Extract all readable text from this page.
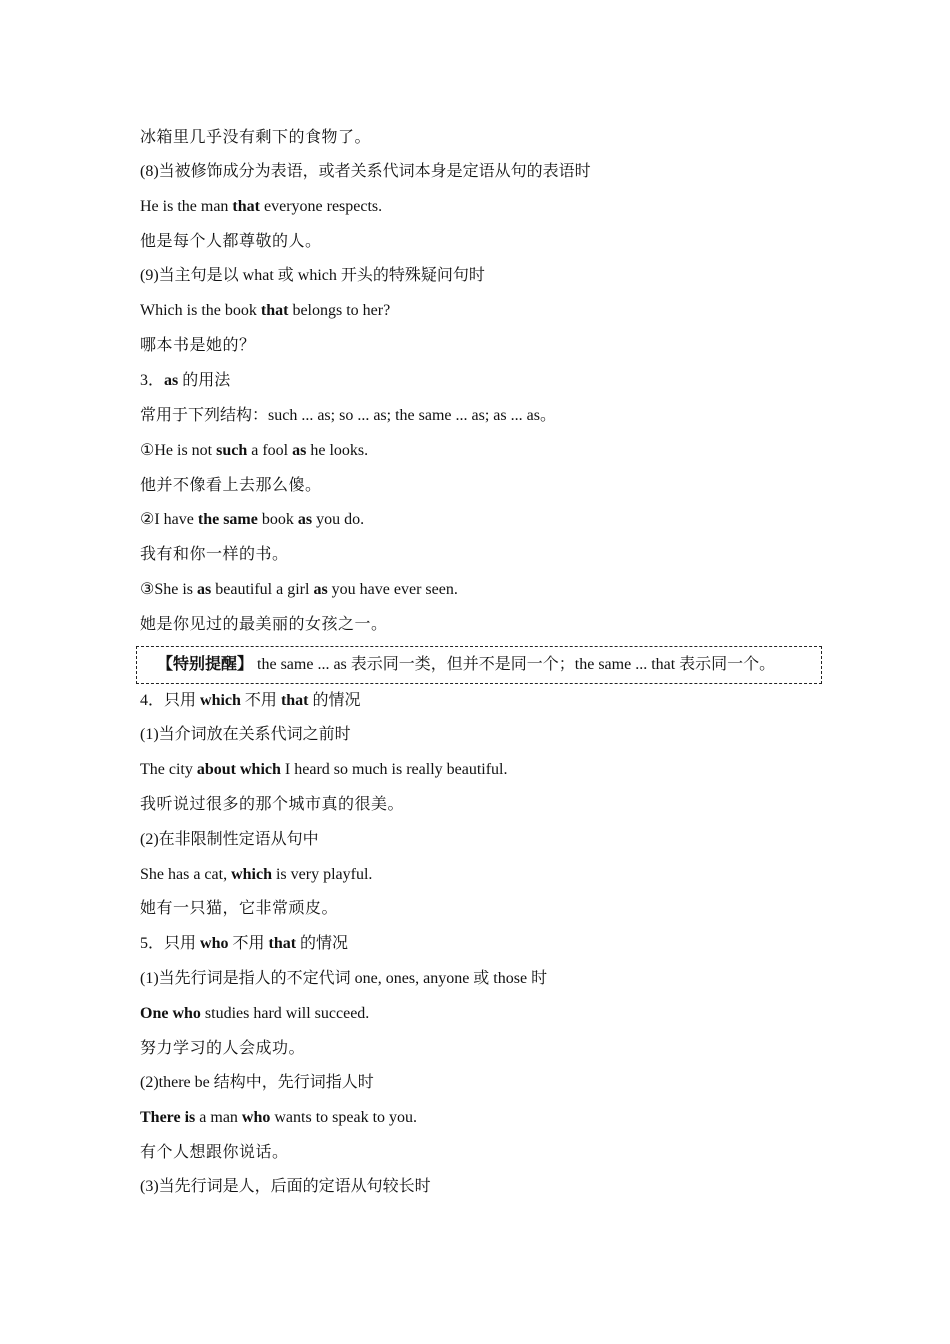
冰箱里几乎没有剩下的食物了。
(8)当被修饰成分为表语，或者关系代词本身是定语从句的表语时
He is the man that everyone respects.
他是每个人都尊敬的人。
(9)当主句是以 what 或 which 开头的特殊疑问句时
Which is the book that belongs to her?
哪本书是她的？
3．as 的用法
常用于下列结构：such ... as; so ... as; the same ... as; as ... as。
①He is not such a fool as he looks.
他并不像看上去那么傻。
②I have the same book as you do.
我有和你一样的书。
③She is as beautiful a girl as you have ever seen.
她是你见过的最美丽的女孩之一。
【特别提醒】 the same ... as 表示同一类，但并不是同一个；the same ... that 表示同一个。
4．只用 which 不用 that 的情况
(1)当介词放在关系代词之前时
The city about which I heard so much is really beautiful.
我听说过很多的那个城市真的很美。
(2)在非限制性定语从句中
She has a cat, which is very playful.
她有一只猫，它非常顽皮。
5．只用 who 不用 that 的情况
(1)当先行词是指人的不定代词 one, ones, anyone 或 those 时
One who studies hard will succeed.
努力学习的人会成功。
(2)there be 结构中，先行词指人时
There is a man who wants to speak to you.
有个人想跟你说话。
(3)当先行词是人，后面的定语从句较长时
